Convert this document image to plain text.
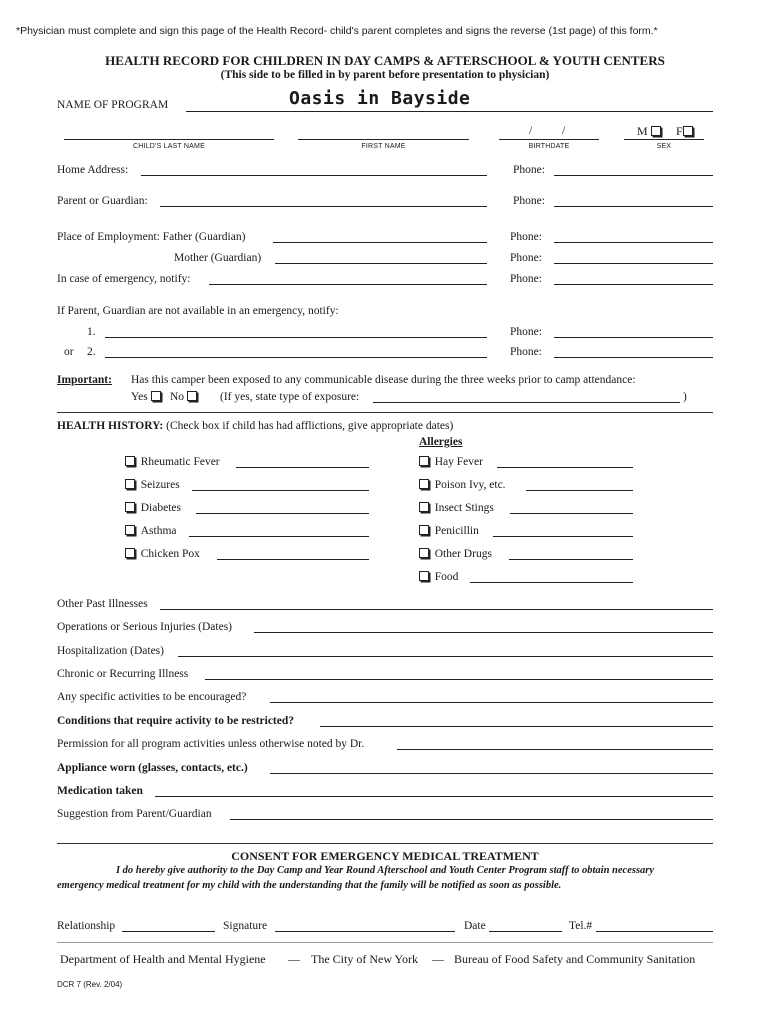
*Physician must complete and sign this page of the Health Record- child's parent completes and signs the reverse (1st page) of this form.*
HEALTH RECORD FOR CHILDREN IN DAY CAMPS & AFTERSCHOOL & YOUTH CENTERS
(This side to be filled in by parent before presentation to physician)
NAME OF PROGRAM	Oasis in Bayside
CHILD'S LAST NAME	FIRST NAME
/	/
BIRTHDATE
M	F
SEX
Home Address:	Phone:
Parent or Guardian:	Phone:
Place of Employment: Father (Guardian)	Phone:
Mother (Guardian)	Phone:
In case of emergency, notify:	Phone:
If Parent, Guardian are not available in an emergency, notify:
1.	Phone:
or 2.	Phone:
Important: Has this camper been exposed to any communicable disease during the three weeks prior to camp attendance:
Yes	No	(If yes, state type of exposure:	)
HEALTH HISTORY: (Check box if child has had afflictions, give appropriate dates)
Allergies
Rheumatic Fever
Seizures
Diabetes
Asthma
Chicken Pox
Hay Fever
Poison Ivy, etc.
Insect Stings
Penicillin
Other Drugs
Food
Other Past Illnesses
Operations or Serious Injuries (Dates)
Hospitalization (Dates)
Chronic or Recurring Illness
Any specific activities to be encouraged?
Conditions that require activity to be restricted?
Permission for all program activities unless otherwise noted by Dr.
Appliance worn (glasses, contacts, etc.)
Medication taken
Suggestion from Parent/Guardian
CONSENT FOR EMERGENCY MEDICAL TREATMENT
I do hereby give authority to the Day Camp and Year Round Afterschool and Youth Center Program staff to obtain necessary
emergency medical treatment for my child with the understanding that the family will be notified as soon as possible.
Relationship	Signature	Date	Tel.#
Department of Health and Mental Hygiene — The City of New York — Bureau of Food Safety and Community Sanitation
DCR 7 (Rev. 2/04)
